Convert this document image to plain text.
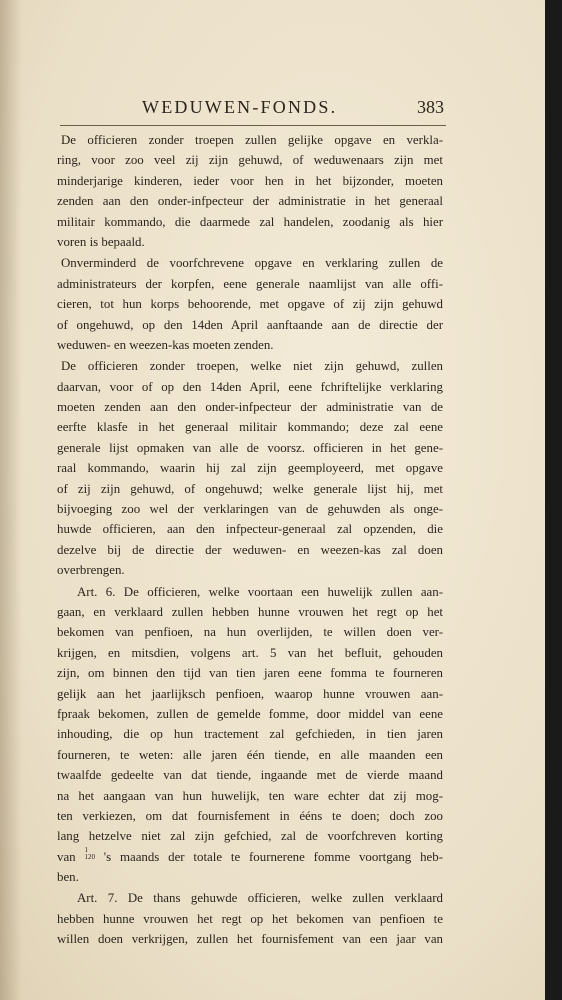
WEDUWEN-FONDS.	383
De officieren zonder troepen zullen gelijke opgave en verkla-
ring, voor zoo veel zij zijn gehuwd, of weduwenaars zijn met
minderjarige kinderen, ieder voor hen in het bijzonder, moeten
zenden aan den onder-infpecteur der administratie in het generaal
militair kommando, die daarmede zal handelen, zoodanig als hier
voren is bepaald.
Onverminderd de voorfchrevene opgave en verklaring zullen de
administrateurs der korpfen, eene generale naamlijst van alle offi-
cieren, tot hun korps behoorende, met opgave of zij zijn gehuwd
of ongehuwd, op den 14den April aanftaande aan de directie der
weduwen- en weezen-kas moeten zenden.
De officieren zonder troepen, welke niet zijn gehuwd, zullen
daarvan, voor of op den 14den April, eene fchriftelijke verklaring
moeten zenden aan den onder-infpecteur der administratie van de
eerfte klasfe in het generaal militair kommando; deze zal eene
generale lijst opmaken van alle de voorsz. officieren in het gene-
raal kommando, waarin hij zal zijn geemployeerd, met opgave
of zij zijn gehuwd, of ongehuwd; welke generale lijst hij, met
bijvoeging zoo wel der verklaringen van de gehuwden als onge-
huwde officieren, aan den infpecteur-generaal zal opzenden, die
dezelve bij de directie der weduwen- en weezen-kas zal doen
overbrengen.
Art. 6. De officieren, welke voortaan een huwelijk zullen aan-
gaan, en verklaard zullen hebben hunne vrouwen het regt op het
bekomen van penfioen, na hun overlijden, te willen doen ver-
krijgen, en mitsdien, volgens art. 5 van het befluit, gehouden
zijn, om binnen den tijd van tien jaren eene fomma te fourneren
gelijk aan het jaarlijksch penfioen, waarop hunne vrouwen aan-
fpraak bekomen, zullen de gemelde fomme, door middel van eene
inhouding, die op hun tractement zal gefchieden, in tien jaren
fourneren, te weten: alle jaren één tiende, en alle maanden een
twaalfde gedeelte van dat tiende, ingaande met de vierde maand
na het aangaan van hun huwelijk, ten ware echter dat zij mog-
ten verkiezen, om dat fournisfement in ééns te doen; doch zoo
lang hetzelve niet zal zijn gefchied, zal de voorfchreven korting
van 1
120 's maands der totale te fournerene fomme voortgang heb-
ben.
Art. 7. De thans gehuwde officieren, welke zullen verklaard
hebben hunne vrouwen het regt op het bekomen van penfioen te
willen doen verkrijgen, zullen het fournisfement van een jaar van
